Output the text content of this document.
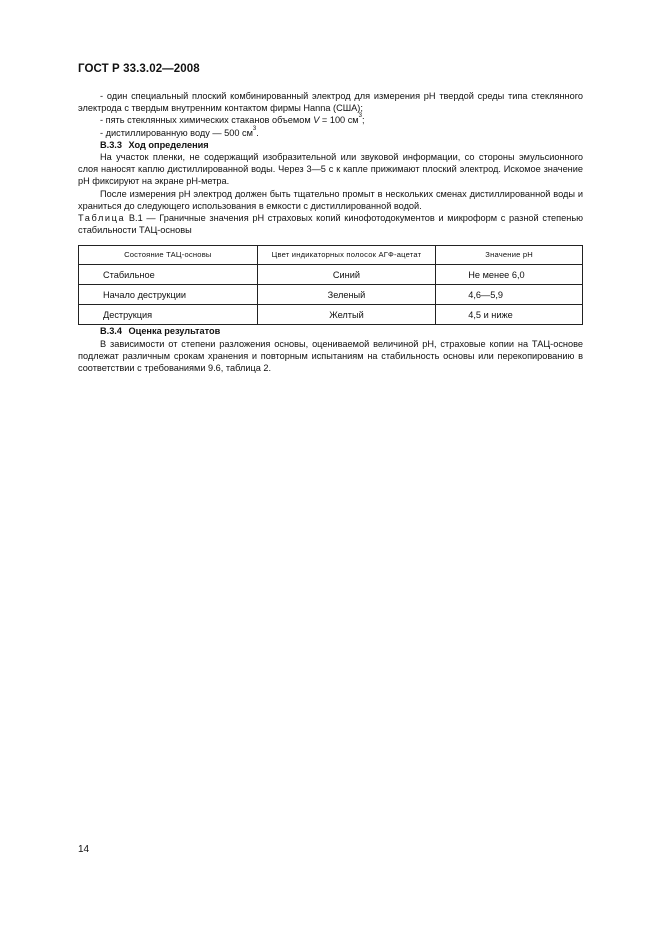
ГОСТ Р 33.3.02—2008

- один специальный плоский комбинированный электрод для измерения pH твердой среды типа стеклянного электрода с твердым внутренним контактом фирмы Hanna (США);

- пять стеклянных химических стаканов объемом V = 100 $см^3$;

- дистиллированную воду — 500 $см^3$.

В.3.3 Ход определения

На участок пленки, не содержащий изобразительной или звуковой информации, со стороны эмульсионного слоя наносят каплю дистиллированной воды. Через 3—5 с к капле прижимают плоский электрод. Искомое значение pH фиксируют на экране pH-метра.

После измерения pH электрод должен быть тщательно промыт в нескольких сменах дистиллированной воды и храниться до следующего использования в емкости с дистиллированной водой.

Таблица В.1 — Граничные значения pH страховых копий кинофотодокументов и микроформ с разной степенью стабильности ТАЦ-основы

Состояние ТАЦ-основы	Цвет индикаторных полосок АГФ-ацетат	Значение pH
Стабильное	Синий	Не менее 6,0
Начало деструкции	Зеленый	4,6—5,9
Деструкция	Желтый	4,5 и ниже

В.3.4 Оценка результатов

В зависимости от степени разложения основы, оцениваемой величиной pH, страховые копии на ТАЦ-основе подлежат различным срокам хранения и повторным испытаниям на стабильность основы или перекопированию в соответствии с требованиями 9.6, таблица 2.

14
